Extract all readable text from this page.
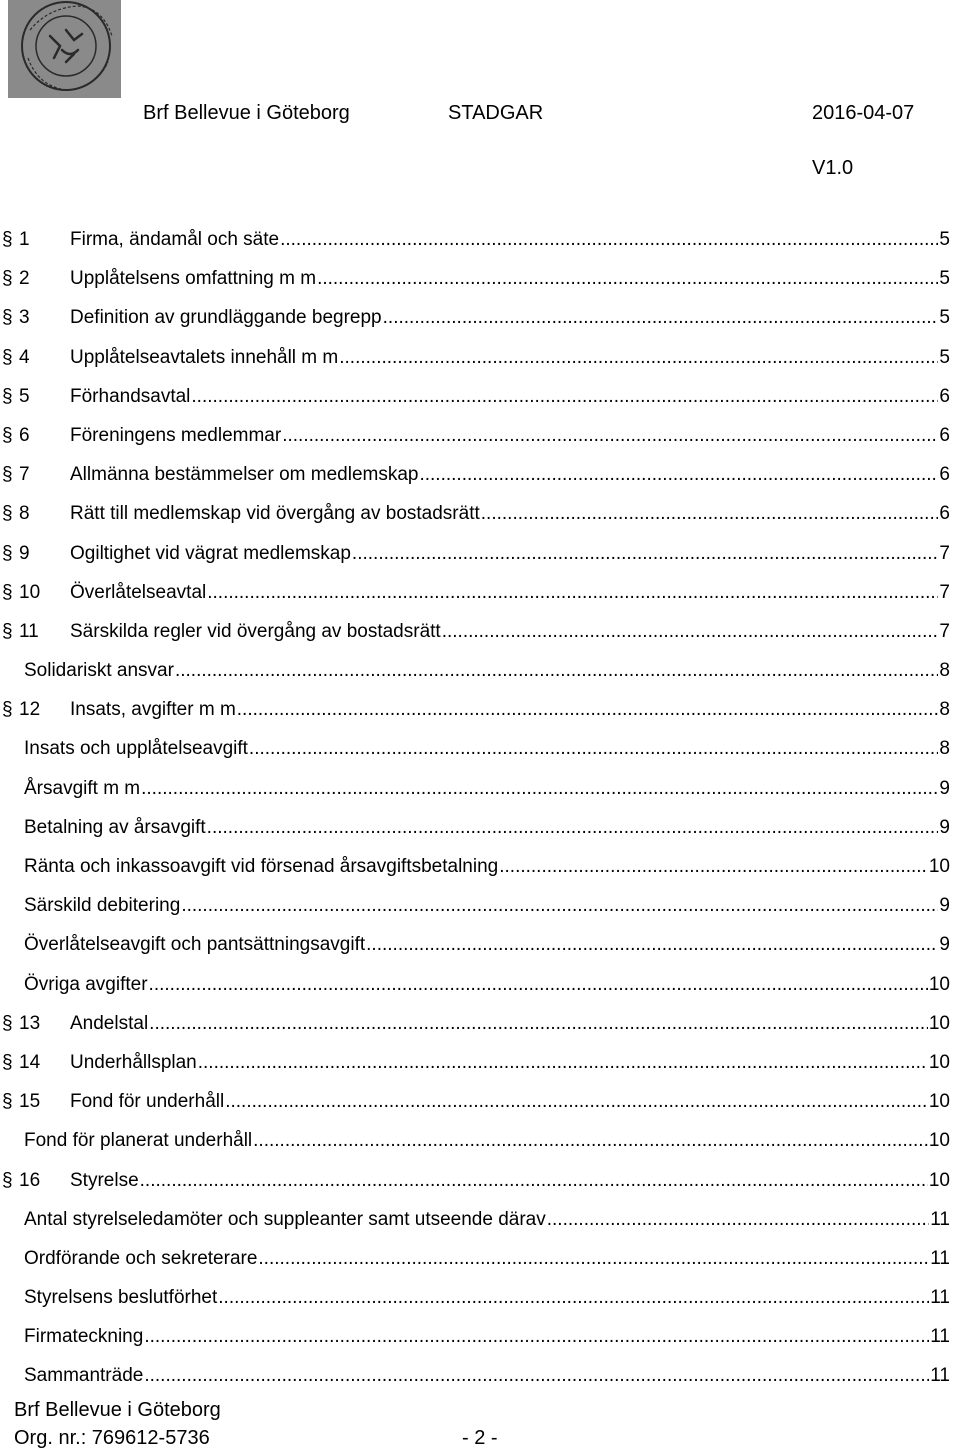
Brf Bellevue i Göteborg	STADGAR	2016-04-07
V1.0
§ 1	Firma, ändamål och säte .....	5
§ 2	Upplåtelsens omfattning m m .....	5
§ 3	Definition av grundläggande begrepp .....	5
§ 4	Upplåtelseavtalets innehåll m m .....	5
§ 5	Förhandsavtal .....	6
§ 6	Föreningens medlemmar .....	6
§ 7	Allmänna bestämmelser om medlemskap .....	6
§ 8	Rätt till medlemskap vid övergång av bostadsrätt .....	6
§ 9	Ogiltighet vid vägrat medlemskap .....	7
§ 10	Överlåtelseavtal .....	7
§ 11	Särskilda regler vid övergång av bostadsrätt .....	7
Solidariskt ansvar .....	8
§ 12	Insats, avgifter m m .....	8
Insats och upplåtelseavgift .....	8
Årsavgift m m .....	9
Betalning av årsavgift .....	9
Ränta och inkassoavgift vid försenad årsavgiftsbetalning .....	10
Särskild debitering .....	9
Överlåtelseavgift och pantsättningsavgift .....	9
Övriga avgifter .....	10
§ 13	Andelstal .....	10
§ 14	Underhållsplan .....	10
§ 15	Fond för underhåll .....	10
Fond för planerat underhåll .....	10
§ 16	Styrelse .....	10
Antal styrelseledamöter och suppleanter samt utseende därav .....	11
Ordförande och sekreterare .....	11
Styrelsens beslutförhet .....	11
Firmateckning .....	11
Sammanträde .....	11
Brf Bellevue i Göteborg
Org. nr.: 769612-5736	- 2 -
